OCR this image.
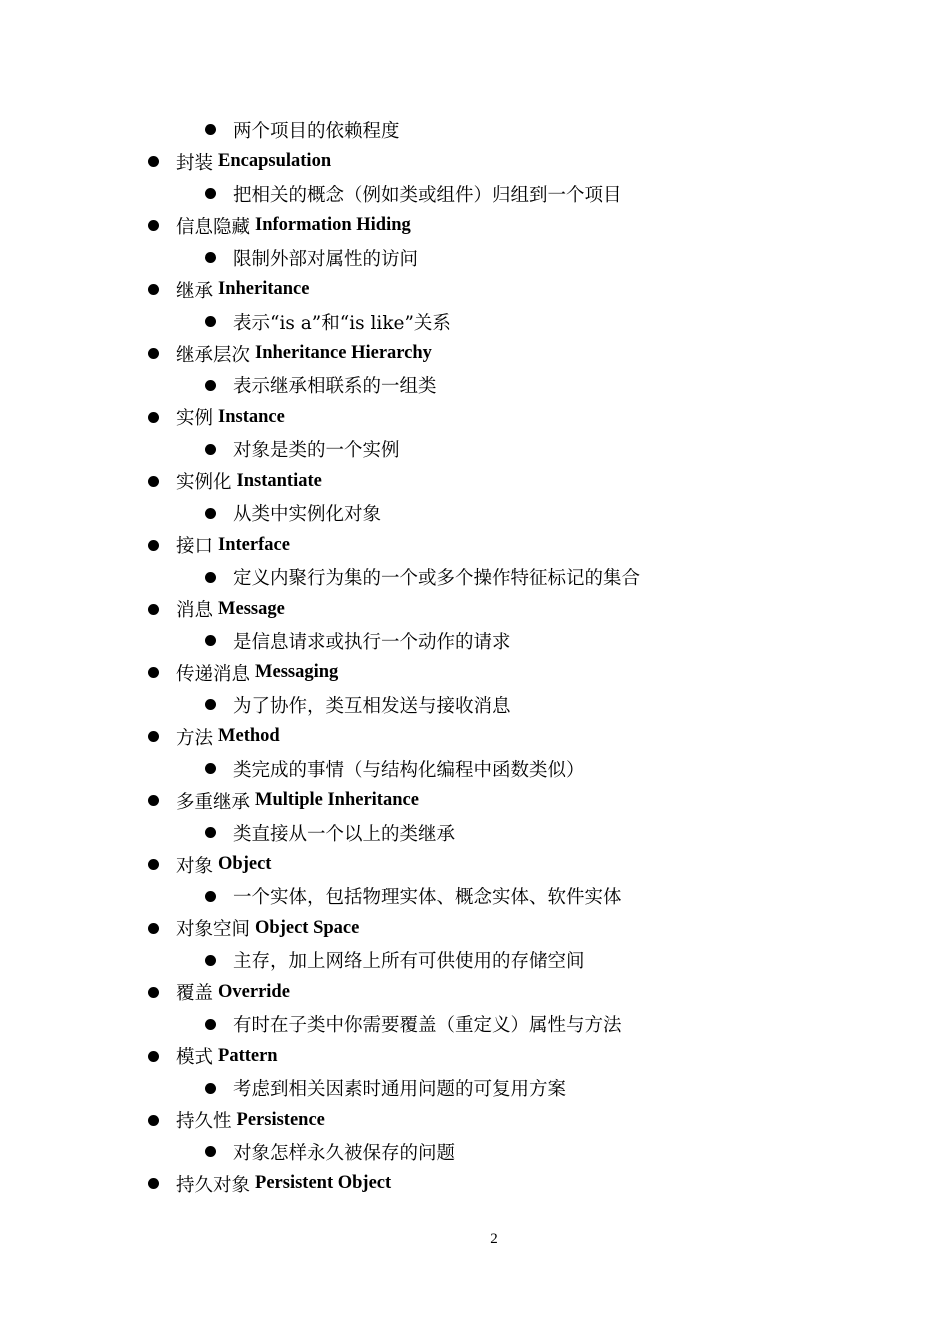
两个项目的依赖程度
封装 Encapsulation
把相关的概念（例如类或组件）归组到一个项目
信息隐藏 Information Hiding
限制外部对属性的访问
继承 Inheritance
表示“is a”和“is like”关系
继承层次 Inheritance Hierarchy
表示继承相联系的一组类
实例 Instance
对象是类的一个实例
实例化 Instantiate
从类中实例化对象
接口 Interface
定义内聚行为集的一个或多个操作特征标记的集合
消息 Message
是信息请求或执行一个动作的请求
传递消息 Messaging
为了协作，类互相发送与接收消息
方法 Method
类完成的事情（与结构化编程中函数类似）
多重继承 Multiple Inheritance
类直接从一个以上的类继承
对象 Object
一个实体，包括物理实体、概念实体、软件实体
对象空间 Object Space
主存，加上网络上所有可供使用的存储空间
覆盖 Override
有时在子类中你需要覆盖（重定义）属性与方法
模式 Pattern
考虑到相关因素时通用问题的可复用方案
持久性 Persistence
对象怎样永久被保存的问题
持久对象 Persistent Object
2
